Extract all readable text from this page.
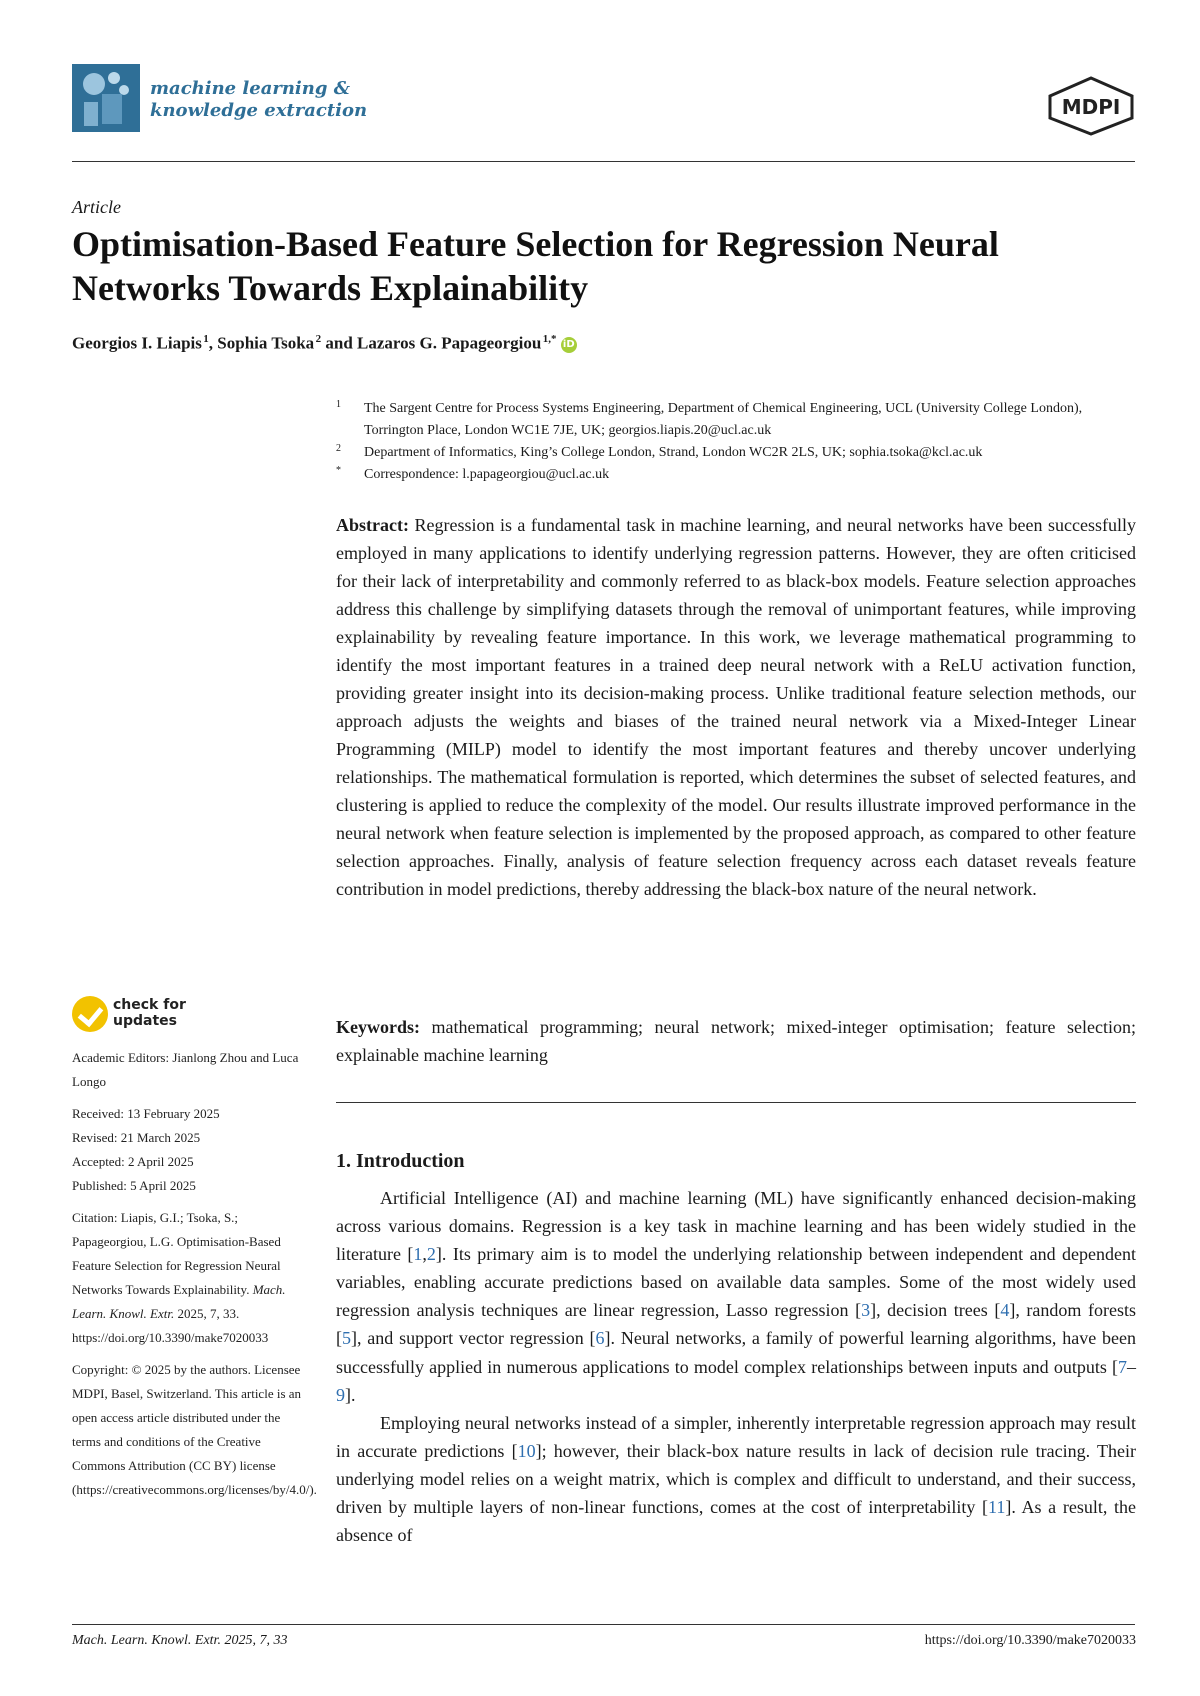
machine learning &
knowledge extraction	MDPI
Article
Optimisation-Based Feature Selection for Regression Neural Networks Towards Explainability
Georgios I. Liapis $^1$, Sophia Tsoka $^2$ and Lazaros G. Papageorgiou $^{1,*}$ iD
1 The Sargent Centre for Process Systems Engineering, Department of Chemical Engineering, UCL (University College London), Torrington Place, London WC1E 7JE, UK; georgios.liapis.20@ucl.ac.uk
2 Department of Informatics, King’s College London, Strand, London WC2R 2LS, UK; sophia.tsoka@kcl.ac.uk
* Correspondence: l.papageorgiou@ucl.ac.uk
Abstract: Regression is a fundamental task in machine learning, and neural networks have been successfully employed in many applications to identify underlying regression patterns. However, they are often criticised for their lack of interpretability and commonly referred to as black-box models. Feature selection approaches address this challenge by simplifying datasets through the removal of unimportant features, while improving explainability by revealing feature importance. In this work, we leverage mathematical programming to identify the most important features in a trained deep neural network with a ReLU activation function, providing greater insight into its decision-making process. Unlike traditional feature selection methods, our approach adjusts the weights and biases of the trained neural network via a Mixed-Integer Linear Programming (MILP) model to identify the most important features and thereby uncover underlying relationships. The mathematical formulation is reported, which determines the subset of selected features, and clustering is applied to reduce the complexity of the model. Our results illustrate improved performance in the neural network when feature selection is implemented by the proposed approach, as compared to other feature selection approaches. Finally, analysis of feature selection frequency across each dataset reveals feature contribution in model predictions, thereby addressing the black-box nature of the neural network.
Keywords: mathematical programming; neural network; mixed-integer optimisation; feature selection; explainable machine learning
1. Introduction

Artificial Intelligence (AI) and machine learning (ML) have significantly enhanced decision-making across various domains. Regression is a key task in machine learning and has been widely studied in the literature [1,2]. Its primary aim is to model the underlying relationship between independent and dependent variables, enabling accurate predictions based on available data samples. Some of the most widely used regression analysis techniques are linear regression, Lasso regression [3], decision trees [4], random forests [5], and support vector regression [6]. Neural networks, a family of powerful learning algorithms, have been successfully applied in numerous applications to model complex relationships between inputs and outputs [7–9].

Employing neural networks instead of a simpler, inherently interpretable regression approach may result in accurate predictions [10]; however, their black-box nature results in lack of decision rule tracing. Their underlying model relies on a weight matrix, which is complex and difficult to understand, and their success, driven by multiple layers of non-linear functions, comes at the cost of interpretability [11]. As a result, the absence of

check for
updates
Academic Editors: Jianlong Zhou and Luca Longo
Received: 13 February 2025
Revised: 21 March 2025
Accepted: 2 April 2025
Published: 5 April 2025
Citation: Liapis, G.I.; Tsoka, S.; Papageorgiou, L.G. Optimisation-Based Feature Selection for Regression Neural Networks Towards Explainability. Mach. Learn. Knowl. Extr. 2025, 7, 33. https://doi.org/10.3390/make7020033
Copyright: © 2025 by the authors. Licensee MDPI, Basel, Switzerland. This article is an open access article distributed under the terms and conditions of the Creative Commons Attribution (CC BY) license (https://creativecommons.org/licenses/by/4.0/).
Mach. Learn. Knowl. Extr. 2025, 7, 33	https://doi.org/10.3390/make7020033
